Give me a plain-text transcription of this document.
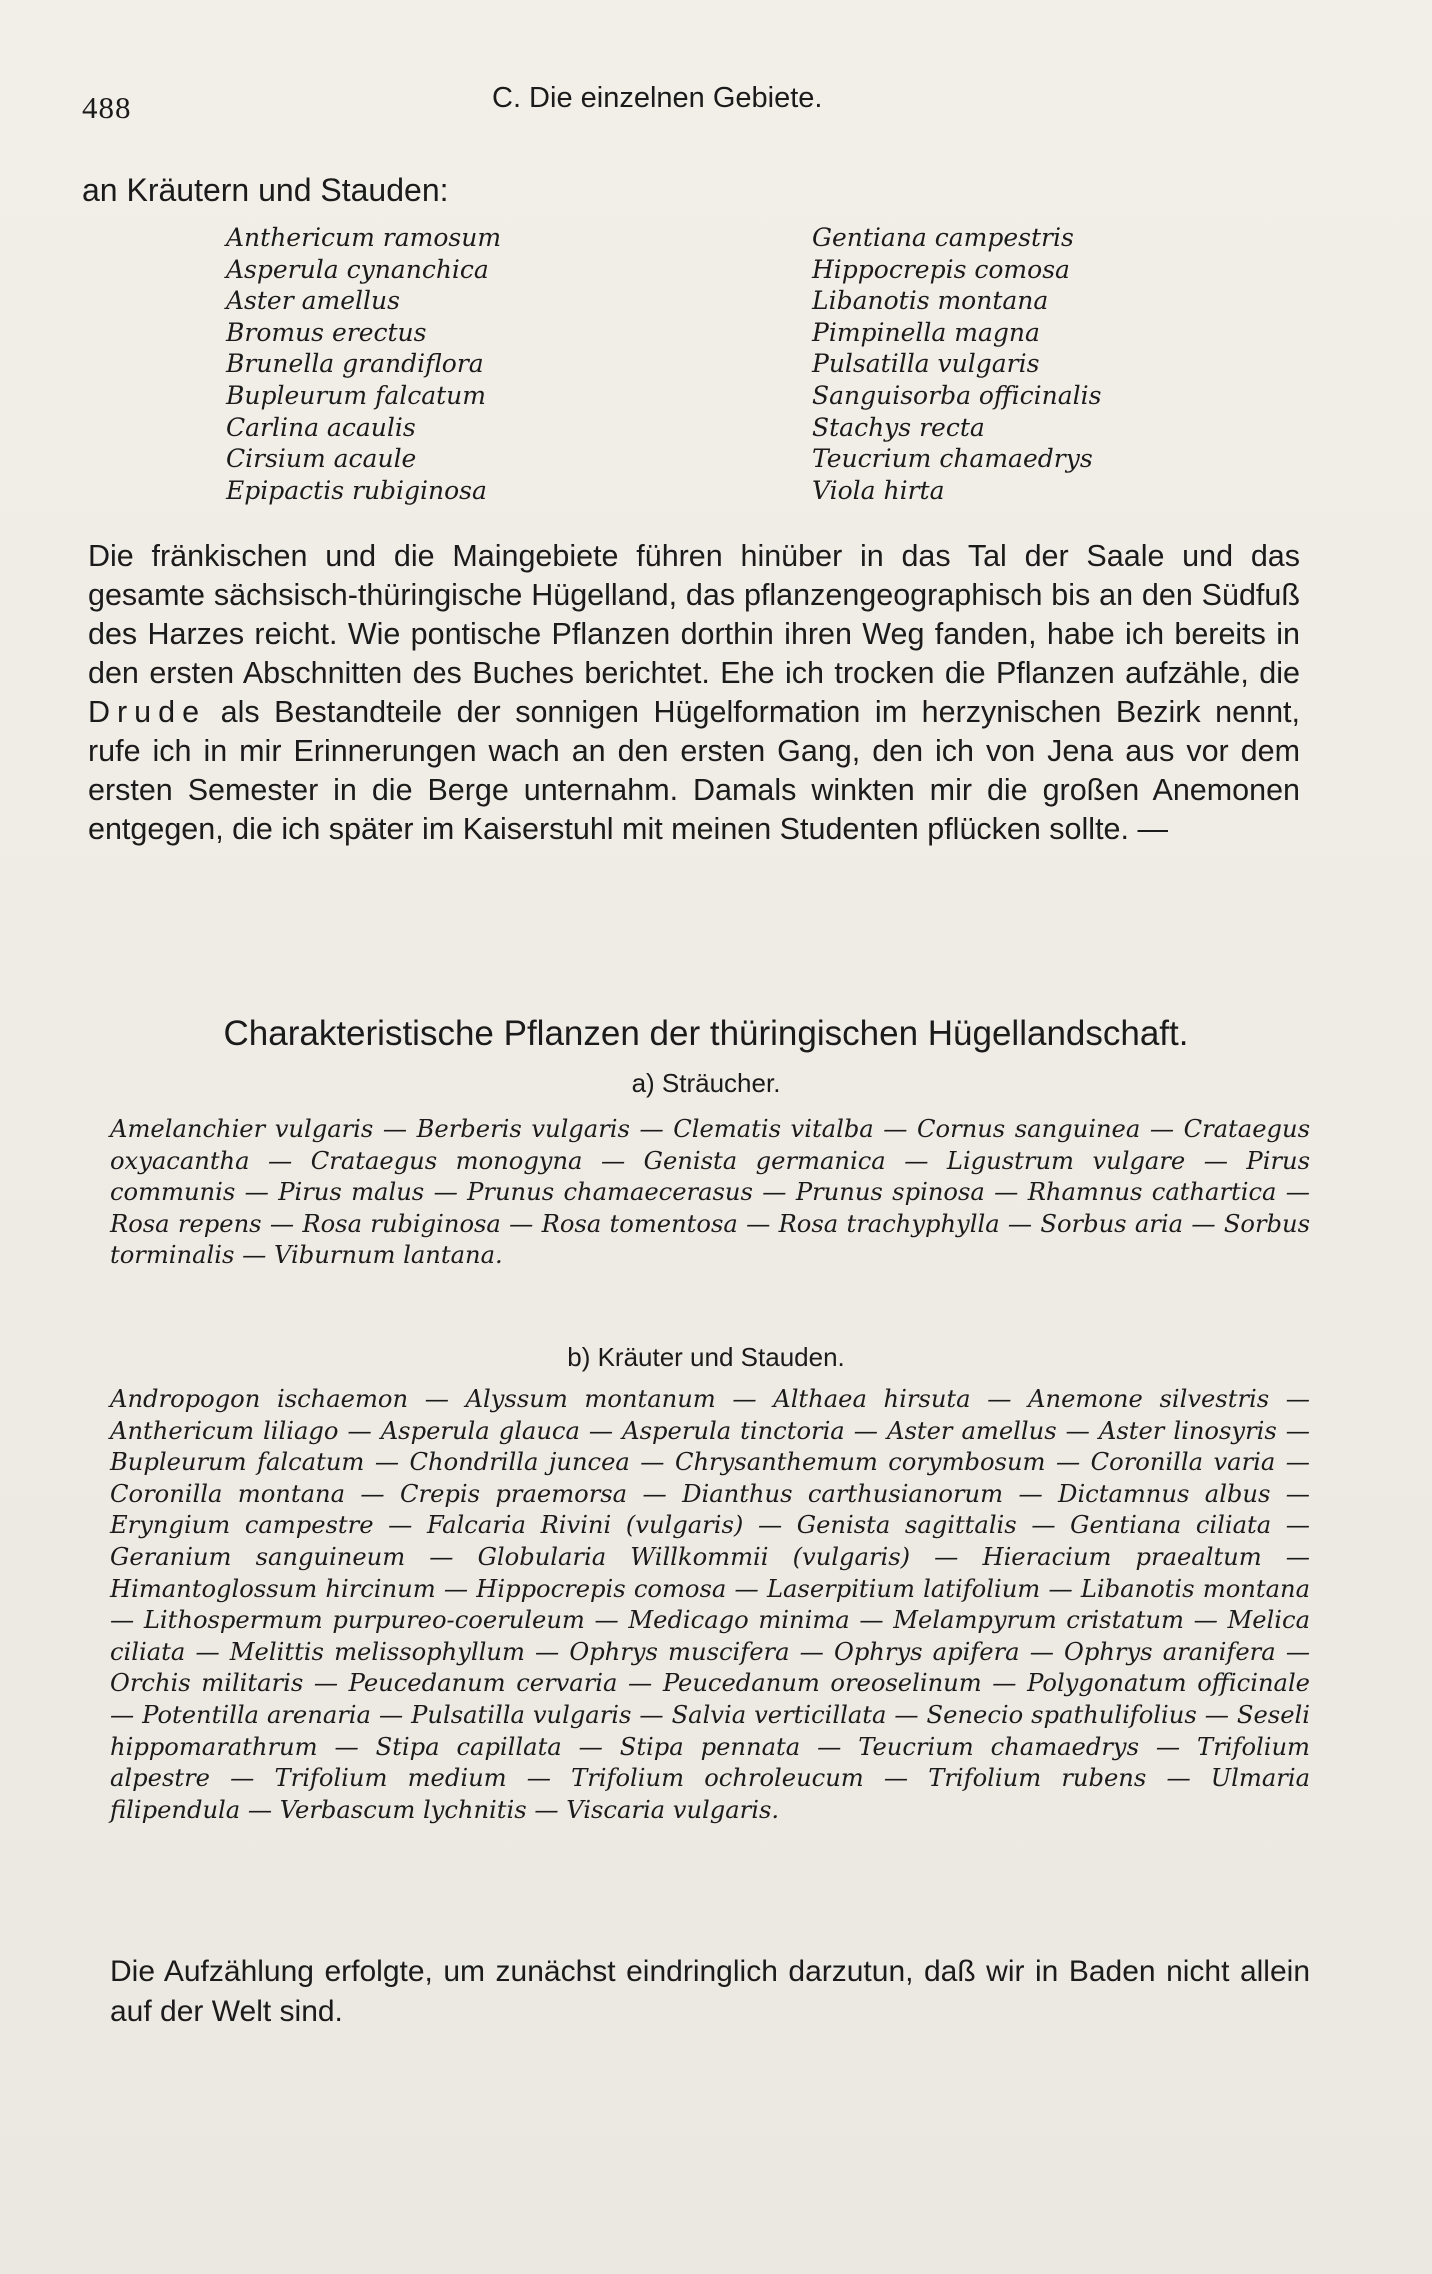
488	C. Die einzelnen Gebiete.
an Kräutern und Stauden:
Anthericum ramosum
Asperula cynanchica
Aster amellus
Bromus erectus
Brunella grandiflora
Bupleurum falcatum
Carlina acaulis
Cirsium acaule
Epipactis rubiginosa
Gentiana campestris
Hippocrepis comosa
Libanotis montana
Pimpinella magna
Pulsatilla vulgaris
Sanguisorba officinalis
Stachys recta
Teucrium chamaedrys
Viola hirta

Die fränkischen und die Maingebiete führen hinüber in das Tal der Saale und das gesamte sächsisch-thüringische Hügelland, das pflanzengeographisch bis an den Südfuß des Harzes reicht. Wie pontische Pflanzen dorthin ihren Weg fanden, habe ich bereits in den ersten Abschnitten des Buches berichtet. Ehe ich trocken die Pflanzen aufzähle, die Drude als Bestandteile der sonnigen Hügelformation im herzynischen Bezirk nennt, rufe ich in mir Erinnerungen wach an den ersten Gang, den ich von Jena aus vor dem ersten Semester in die Berge unternahm. Damals winkten mir die großen Anemonen entgegen, die ich später im Kaiserstuhl mit meinen Studenten pflücken sollte. —

Charakteristische Pflanzen der thüringischen Hügellandschaft.
a) Sträucher.

Amelanchier vulgaris — Berberis vulgaris — Clematis vitalba — Cornus sanguinea — Crataegus oxyacantha — Crataegus monogyna — Genista germanica — Ligustrum vulgare — Pirus communis — Pirus malus — Prunus chamaecerasus — Prunus spinosa — Rhamnus cathartica — Rosa repens — Rosa rubiginosa — Rosa tomentosa — Rosa trachyphylla — Sorbus aria — Sorbus torminalis — Viburnum lantana.

b) Kräuter und Stauden.

Andropogon ischaemon — Alyssum montanum — Althaea hirsuta — Anemone silvestris — Anthericum liliago — Asperula glauca — Asperula tinctoria — Aster amellus — Aster linosyris — Bupleurum falcatum — Chondrilla juncea — Chrysanthemum corymbosum — Coronilla varia — Coronilla montana — Crepis praemorsa — Dianthus carthusianorum — Dictamnus albus — Eryngium campestre — Falcaria Rivini (vulgaris) — Genista sagittalis — Gentiana ciliata — Geranium sanguineum — Globularia Willkommii (vulgaris) — Hieracium praealtum — Himantoglossum hircinum — Hippocrepis comosa — Laserpitium latifolium — Libanotis montana — Lithospermum purpureo-coeruleum — Medicago minima — Melampyrum cristatum — Melica ciliata — Melittis melissophyllum — Ophrys muscifera — Ophrys apifera — Ophrys aranifera — Orchis militaris — Peucedanum cervaria — Peucedanum oreoselinum — Polygonatum officinale — Potentilla arenaria — Pulsatilla vulgaris — Salvia verticillata — Senecio spathulifolius — Seseli hippomarathrum — Stipa capillata — Stipa pennata — Teucrium chamaedrys — Trifolium alpestre — Trifolium medium — Trifolium ochroleucum — Trifolium rubens — Ulmaria filipendula — Verbascum lychnitis — Viscaria vulgaris.

Die Aufzählung erfolgte, um zunächst eindringlich darzutun, daß wir in Baden nicht allein auf der Welt sind.
